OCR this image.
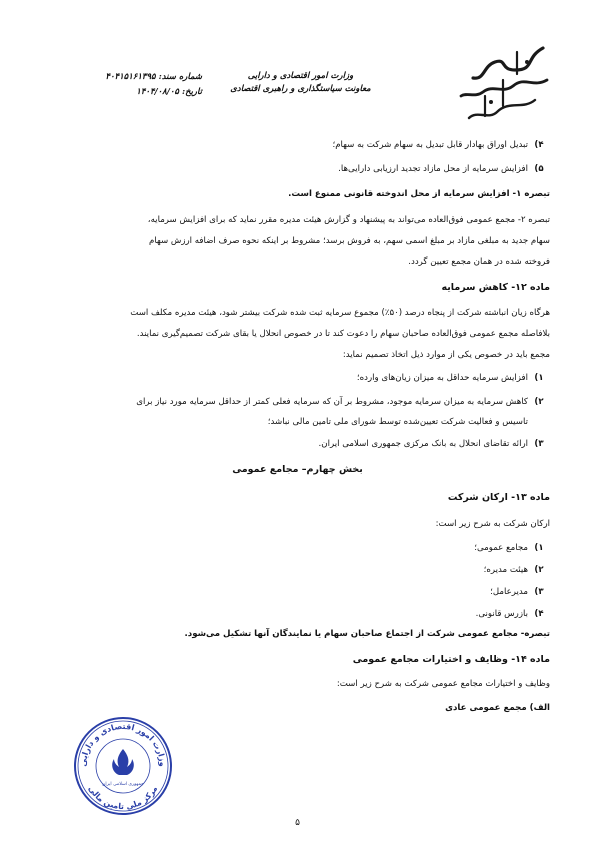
شماره سند: ۴۰۴۱۵۱۶۱۳۹۵
تاریخ: ۱۴۰۴/۰۸/۰۵
وزارت امور اقتصادی و دارایی
معاونت سیاستگذاری و راهبری اقتصادی
۴)تبدیل اوراق بهادار قابل تبدیل به سهام شرکت به سهام؛
۵)افزایش سرمایه از محل مازاد تجدید ارزیابی دارایی‌ها.
تبصره ۱- افزایش سرمایه از محل اندوخته قانونی ممنوع است.
تبصره ۲- مجمع عمومی فوق‌العاده می‌تواند به پیشنهاد و گزارش هیئت مدیره مقرر نماید که برای افزایش سرمایه،
سهام جدید به مبلغی مازاد بر مبلغ اسمی سهم، به فروش برسد؛ مشروط بر اینکه نحوه صرف اضافه ارزش سهام
فروخته شده در همان مجمع تعیین گردد.
ماده ۱۲- کاهش سرمایه
هرگاه زیان انباشته شرکت از پنجاه درصد (۵۰٪) مجموع سرمایه ثبت شده شرکت بیشتر شود، هیئت مدیره مکلف است
بلافاصله مجمع عمومی فوق‌العاده صاحبان سهام را دعوت کند تا در خصوص انحلال یا بقای شرکت تصمیم‌گیری نمایند.
مجمع باید در خصوص یکی از موارد ذیل اتخاذ تصمیم نماید:
۱)افزایش سرمایه حداقل به میزان زیان‌های وارده؛
۲)کاهش سرمایه به میزان سرمایه موجود، مشروط بر آن که سرمایه فعلی کمتر از حداقل سرمایه مورد نیاز برای
تاسیس و فعالیت شرکت تعیین‌شده توسط شورای ملی تامین مالی نباشد؛
۳)ارائه تقاضای انحلال به بانک مرکزی جمهوری اسلامی ایران.
بخش چهارم– مجامع عمومی
ماده ۱۳- ارکان شرکت
ارکان شرکت به شرح زیر است:
۱)مجامع عمومی؛
۲)هیئت مدیره؛
۳)مدیرعامل؛
۴)بازرس قانونی.
تبصره- مجامع عمومی شرکت از اجتماع صاحبان سهام یا نمایندگان آنها تشکیل می‌شود.
ماده ۱۴- وظایف و اختیارات مجامع عمومی
وظایف و اختیارات مجامع عمومی شرکت به شرح زیر است:
الف) مجمع عمومی عادی
وزارت امور اقتصادی و دارایی
مرکز ملی تامین مالی
جمهوری اسلامی ایران
۵
